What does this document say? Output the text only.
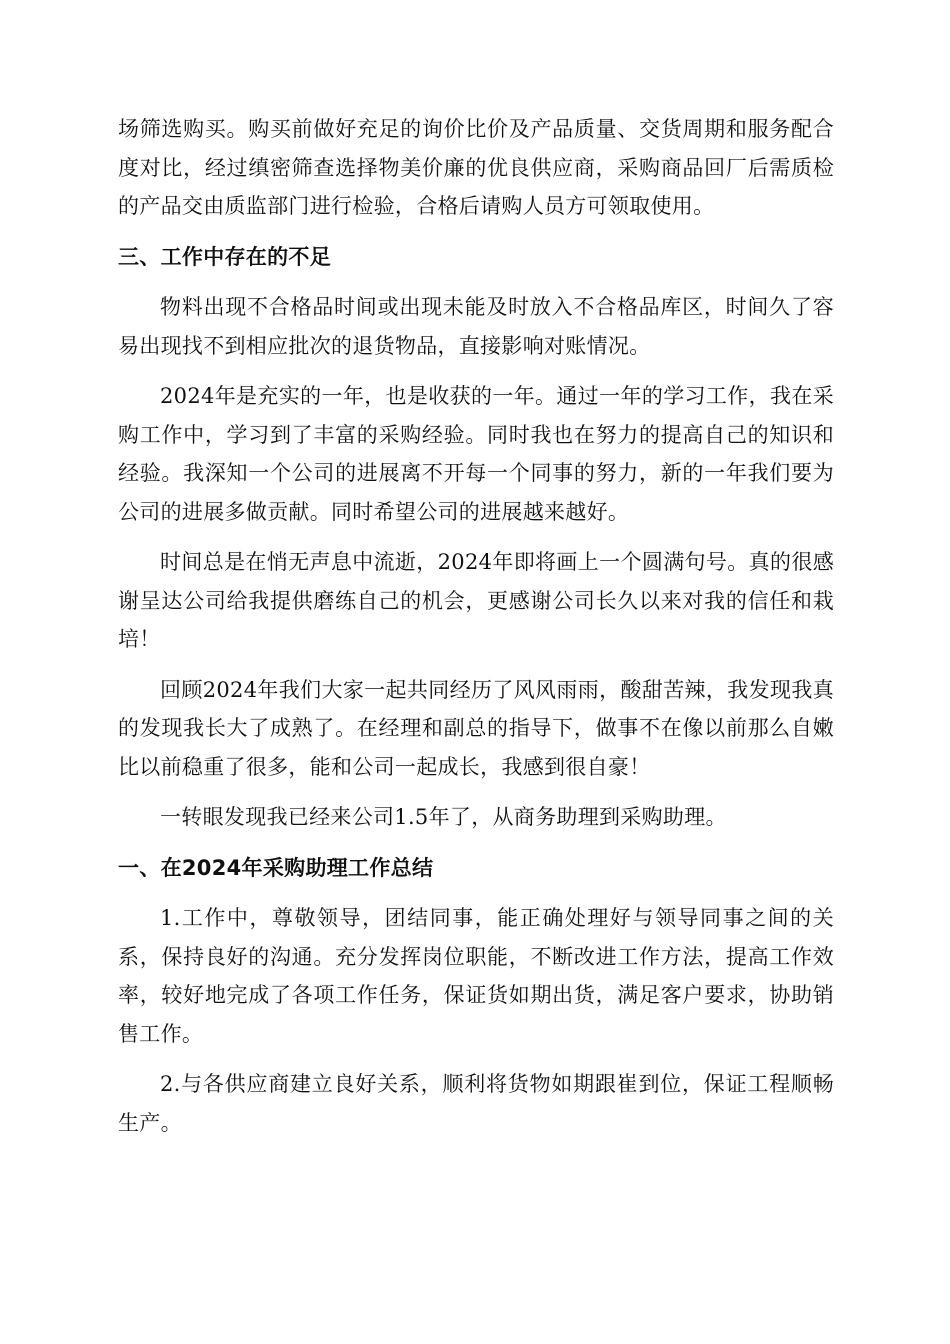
场筛选购买。购买前做好充足的询价比价及产品质量、交货周期和服务配合度对比，经过缜密筛查选择物美价廉的优良供应商，采购商品回厂后需质检的产品交由质监部门进行检验，合格后请购人员方可领取使用。

三、工作中存在的不足

物料出现不合格品时间或出现未能及时放入不合格品库区，时间久了容易出现找不到相应批次的退货物品，直接影响对账情况。

2024年是充实的一年，也是收获的一年。通过一年的学习工作，我在采购工作中，学习到了丰富的采购经验。同时我也在努力的提高自己的知识和经验。我深知一个公司的进展离不开每一个同事的努力，新的一年我们要为公司的进展多做贡献。同时希望公司的进展越来越好。

时间总是在悄无声息中流逝，2024年即将画上一个圆满句号。真的很感谢呈达公司给我提供磨练自己的机会，更感谢公司长久以来对我的信任和栽培！

回顾2024年我们大家一起共同经历了风风雨雨，酸甜苦辣，我发现我真的发现我长大了成熟了。在经理和副总的指导下，做事不在像以前那么自嫩比以前稳重了很多，能和公司一起成长，我感到很自豪！

一转眼发现我已经来公司1.5年了，从商务助理到采购助理。

一、在2024年采购助理工作总结

1.工作中，尊敬领导，团结同事，能正确处理好与领导同事之间的关系，保持良好的沟通。充分发挥岗位职能，不断改进工作方法，提高工作效率，较好地完成了各项工作任务，保证货如期出货，满足客户要求，协助销售工作。

2.与各供应商建立良好关系，顺利将货物如期跟崔到位，保证工程顺畅生产。
